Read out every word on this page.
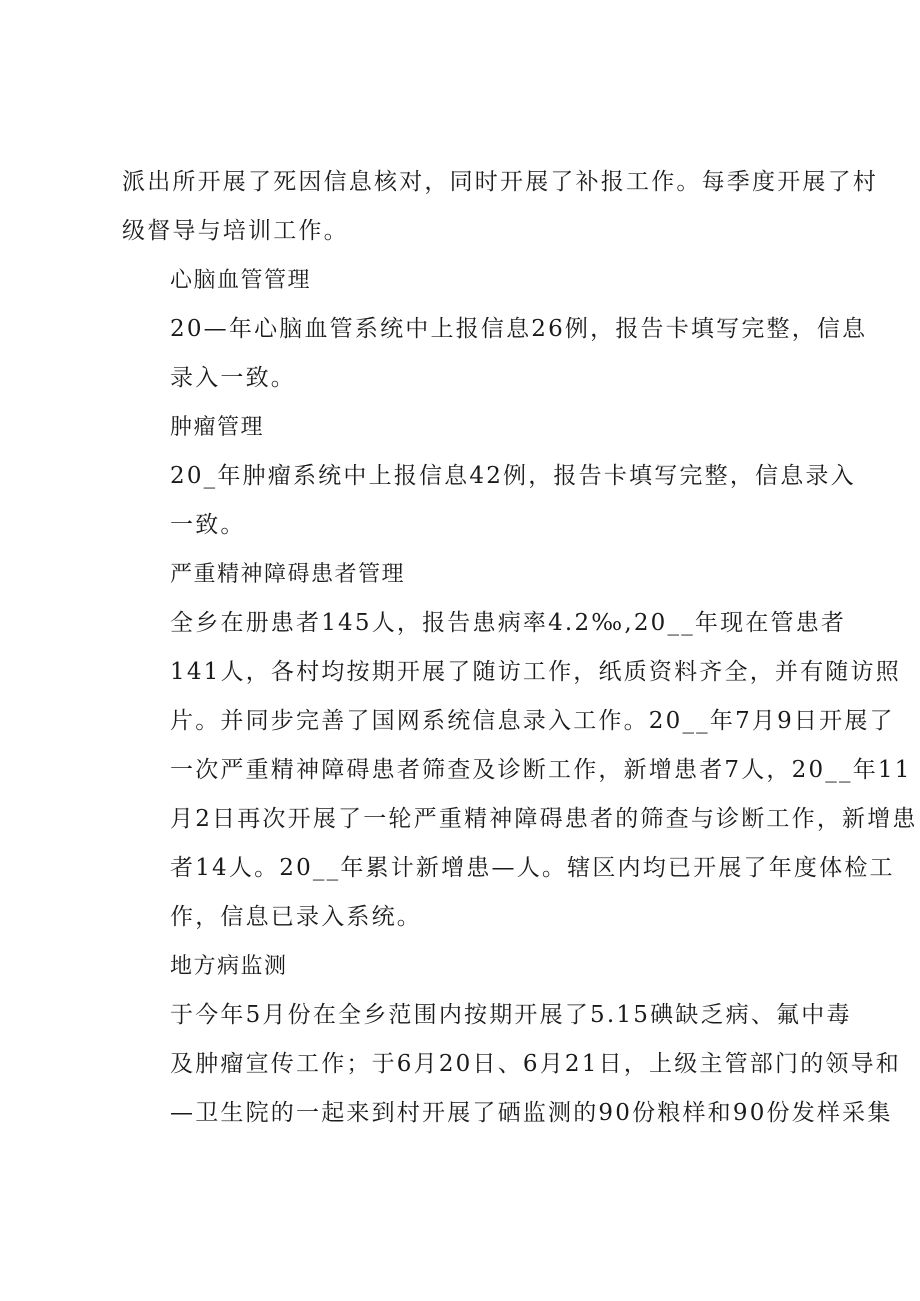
派出所开展了死因信息核对，同时开展了补报工作。每季度开展了村
级督导与培训工作。

心脑血管管理

20—年心脑血管系统中上报信息26例，报告卡填写完整，信息
录入一致。

肿瘤管理

20_年肿瘤系统中上报信息42例，报告卡填写完整，信息录入
一致。

严重精神障碍患者管理

全乡在册患者145人，报告患病率4.2‰,20__年现在管患者
141人，各村均按期开展了随访工作，纸质资料齐全，并有随访照
片。并同步完善了国网系统信息录入工作。20__年7月9日开展了
一次严重精神障碍患者筛查及诊断工作，新增患者7人，20__年11
月2日再次开展了一轮严重精神障碍患者的筛查与诊断工作，新增患
者14人。20__年累计新增患—人。辖区内均已开展了年度体检工
作，信息已录入系统。

地方病监测

于今年5月份在全乡范围内按期开展了5.15碘缺乏病、氟中毒
及肿瘤宣传工作；于6月20日、6月21日，上级主管部门的领导和
—卫生院的一起来到村开展了硒监测的90份粮样和90份发样采集
